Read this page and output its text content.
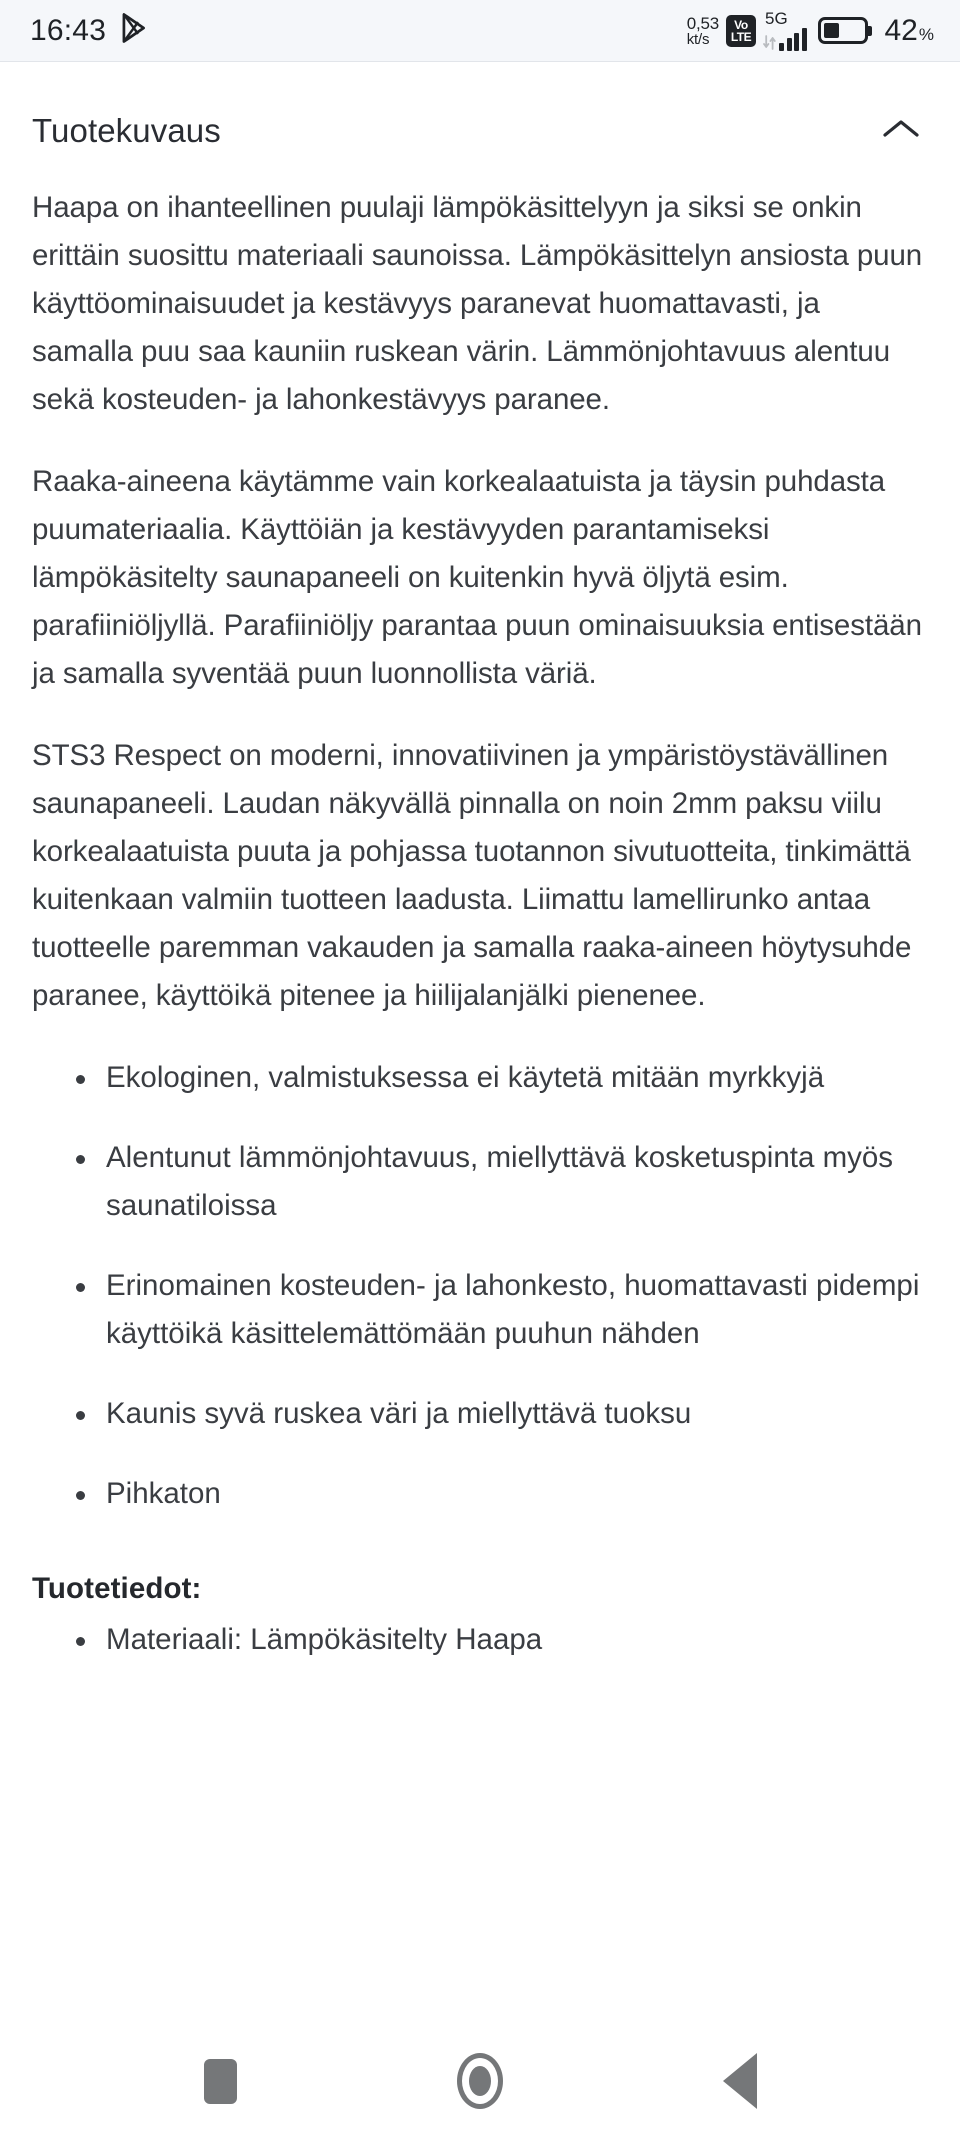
16:43	0,53
kt/s
Vo
LTE
5G	42 %
Tuotekuvaus

Haapa on ihanteellinen puulaji lämpökäsittelyyn ja siksi se onkin erittäin suosittu materiaali saunoissa. Lämpökäsittelyn ansiosta puun käyttöominaisuudet ja kestävyys paranevat huomattavasti, ja samalla puu saa kauniin ruskean värin. Lämmönjohtavuus alentuu sekä kosteuden- ja lahonkestävyys paranee.

Raaka-aineena käytämme vain korkealaatuista ja täysin puhdasta puumateriaalia. Käyttöiän ja kestävyyden parantamiseksi lämpökäsitelty saunapaneeli on kuitenkin hyvä öljytä esim. parafiiniöljyllä. Parafiiniöljy parantaa puun ominaisuuksia entisestään ja samalla syventää puun luonnollista väriä.

STS3 Respect on moderni, innovatiivinen ja ympäristöystävällinen saunapaneeli. Laudan näkyvällä pinnalla on noin 2mm paksu viilu korkealaatuista puuta ja pohjassa tuotannon sivutuotteita, tinkimättä kuitenkaan valmiin tuotteen laadusta. Liimattu lamellirunko antaa tuotteelle paremman vakauden ja samalla raaka-aineen höytysuhde paranee, käyttöikä pitenee ja hiilijalanjälki pienenee.

Ekologinen, valmistuksessa ei käytetä mitään myrkkyjä
Alentunut lämmönjohtavuus, miellyttävä kosketuspinta myös saunatiloissa
Erinomainen kosteuden- ja lahonkesto, huomattavasti pidempi käyttöikä käsittelemättömään puuhun nähden
Kaunis syvä ruskea väri ja miellyttävä tuoksu
Pihkaton
Tuotetiedot:
Materiaali: Lämpökäsitelty Haapa
